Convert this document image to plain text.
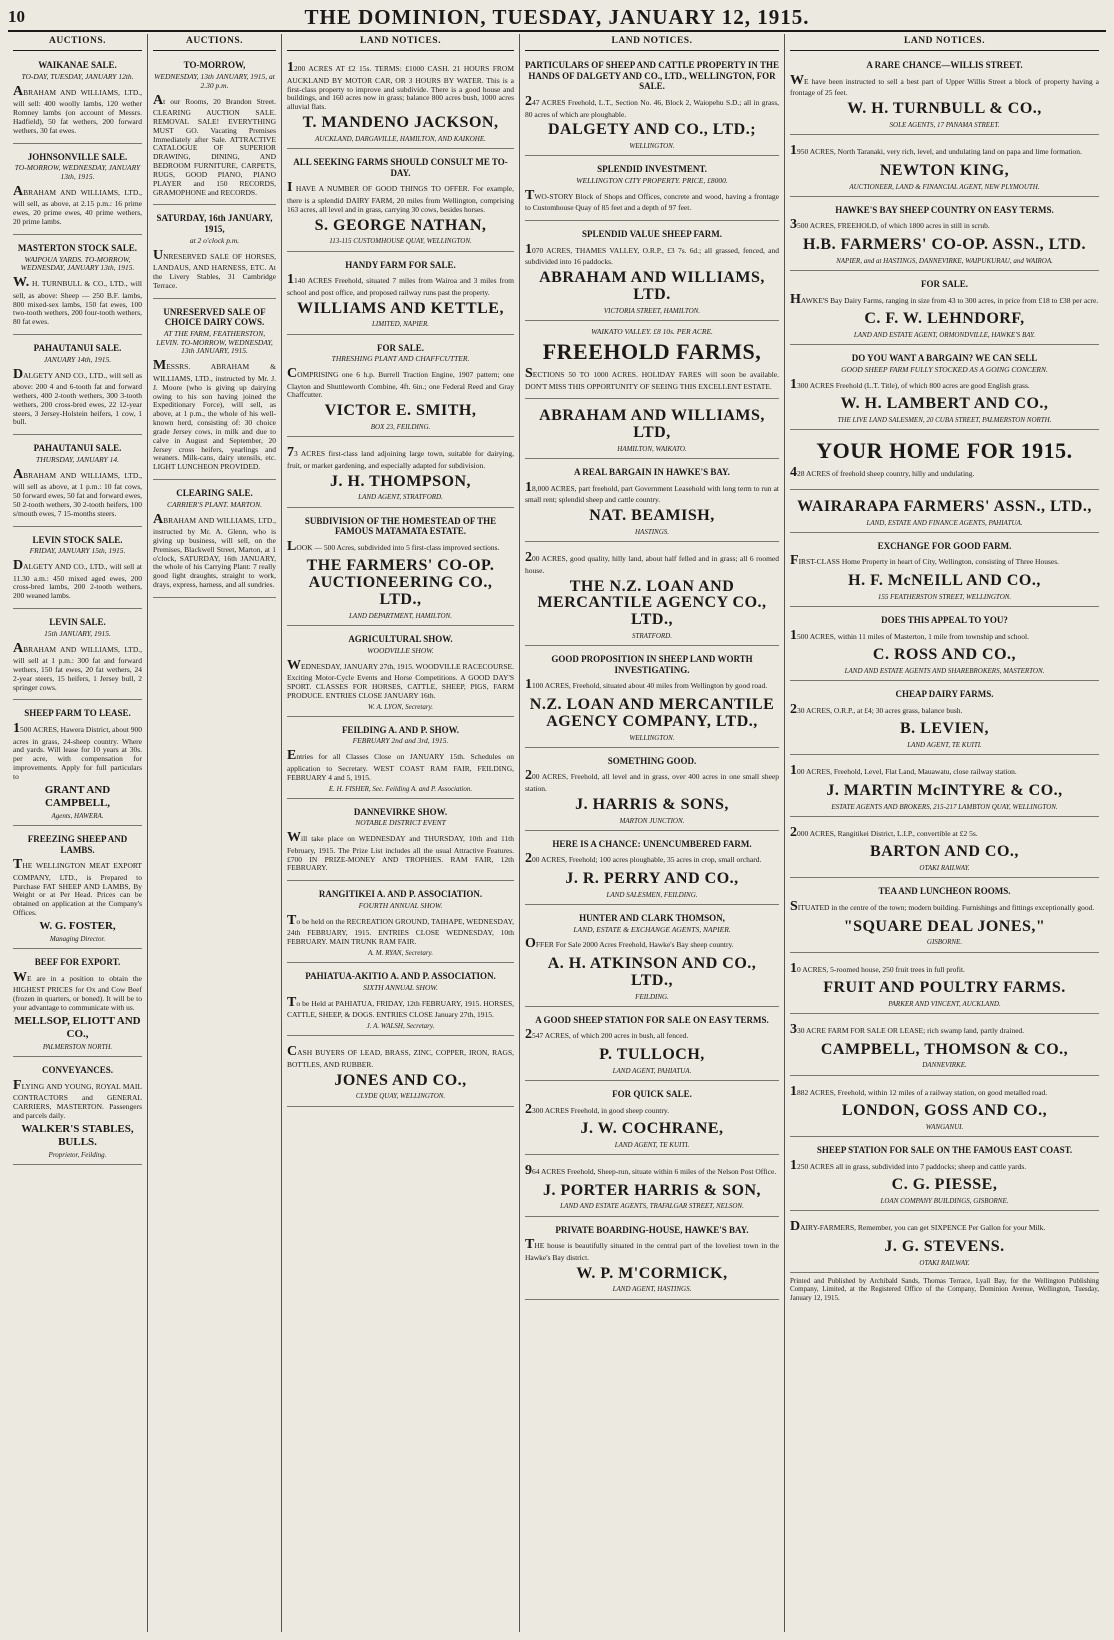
10	THE DOMINION, TUESDAY, JANUARY 12, 1915.
AUCTIONS.
WAIKANAE SALE.
TO-DAY, TUESDAY, JANUARY 12th.
ABRAHAM AND WILLIAMS, LTD., will sell: 400 woolly lambs, 120 wether Romney lambs (on account of Messrs. Hadfield), 50 fat wethers, 200 forward wethers, 30 fat ewes.
JOHNSONVILLE SALE.
TO-MORROW, WEDNESDAY, JANUARY 13th, 1915.
ABRAHAM AND WILLIAMS, LTD., will sell, as above, at 2.15 p.m.: 16 prime ewes, 20 prime ewes, 40 prime wethers, 20 prime lambs.
MASTERTON STOCK SALE.
WAIPOUA YARDS. TO-MORROW, WEDNESDAY, JANUARY 13th, 1915.
W. H. TURNBULL & CO., LTD., will sell, as above: Sheep — 250 B.F. lambs, 800 mixed-sex lambs, 150 fat ewes, 100 two-tooth wethers, 200 four-tooth wethers, 80 fat ewes.
PAHAUTANUI SALE.
JANUARY 14th, 1915.
DALGETY AND CO., LTD., will sell as above: 200 4 and 6-tooth fat and forward wethers, 400 2-tooth wethers, 300 3-tooth wethers, 200 cross-bred ewes, 22 12-year steers, 3 Jersey-Holstein heifers, 1 cow, 1 bull.
PAHAUTANUI SALE.
THURSDAY, JANUARY 14.
ABRAHAM AND WILLIAMS, LTD., will sell as above, at 1 p.m.: 10 fat cows, 50 forward ewes, 50 fat and forward ewes, 50 2-tooth wethers, 30 2-tooth heifers, 100 s/mouth ewes, 7 15-months steers.
LEVIN STOCK SALE.
FRIDAY, JANUARY 15th, 1915.
DALGETY AND CO., LTD., will sell at 11.30 a.m.: 450 mixed aged ewes, 200 cross-bred lambs, 200 2-tooth wethers, 200 weaned lambs.
LEVIN SALE.
15th JANUARY, 1915.
ABRAHAM AND WILLIAMS, LTD., will sell at 1 p.m.: 300 fat and forward wethers, 150 fat ewes, 20 fat wethers, 24 2-year steers, 15 heifers, 1 Jersey bull, 2 springer cows.
SHEEP FARM TO LEASE.
1500 ACRES, Hawera District, about 900 acres in grass, 24-sheep country. Where and yards. Will lease for 10 years at 30s. per acre, with compensation for improvements. Apply for full particulars to
GRANT AND CAMPBELL,
Agents, HAWERA.
FREEZING SHEEP AND LAMBS.
THE WELLINGTON MEAT EXPORT COMPANY, LTD., is Prepared to Purchase FAT SHEEP AND LAMBS, By Weight or at Per Head. Prices can be obtained on application at the Company's Offices.
W. G. FOSTER,
Managing Director.
BEEF FOR EXPORT.
WE are in a position to obtain the HIGHEST PRICES for Ox and Cow Beef (frozen in quarters, or boned). It will be to your advantage to communicate with us.
MELLSOP, ELIOTT AND CO.,
PALMERSTON NORTH.
CONVEYANCES.
FLYING AND YOUNG, ROYAL MAIL CONTRACTORS and GENERAL CARRIERS, MASTERTON. Passengers and parcels daily.
WALKER'S STABLES, BULLS.
Proprietor, Feilding.
AUCTIONS.
TO-MORROW,
WEDNESDAY, 13th JANUARY, 1915, at 2.30 p.m.
At our Rooms, 20 Brandon Street. CLEARING AUCTION SALE. REMOVAL SALE! EVERYTHING MUST GO. Vacating Premises Immediately after Sale. ATTRACTIVE CATALOGUE OF SUPERIOR DRAWING, DINING, AND BEDROOM FURNITURE, CARPETS, RUGS, GOOD PIANO, PIANO PLAYER and 150 RECORDS, GRAMOPHONE and RECORDS.
SATURDAY, 16th JANUARY, 1915,
at 2 o'clock p.m.
UNRESERVED SALE OF HORSES, LANDAUS, AND HARNESS, ETC. At the Livery Stables, 31 Cambridge Terrace.
UNRESERVED SALE OF CHOICE DAIRY COWS.
AT THE FARM, FEATHERSTON, LEVIN. TO-MORROW, WEDNESDAY, 13th JANUARY, 1915.
MESSRS. ABRAHAM & WILLIAMS, LTD., instructed by Mr. J. J. Moore (who is giving up dairying owing to his son having joined the Expeditionary Force), will sell, as above, at 1 p.m., the whole of his well-known herd, consisting of: 30 choice grade Jersey cows, in milk and due to calve in August and September, 20 Jersey cross heifers, yearlings and weaners. Milk-cans, dairy utensils, etc. LIGHT LUNCHEON PROVIDED.
CLEARING SALE.
CARRIER'S PLANT. MARTON.
ABRAHAM AND WILLIAMS, LTD., instructed by Mr. A. Glenn, who is giving up business, will sell, on the Premises, Blackwell Street, Marton, at 1 o'clock, SATURDAY, 16th JANUARY, the whole of his Carrying Plant: 7 really good light draughts, straight to work, drays, express, harness, and all sundries.
LAND NOTICES.
1200 ACRES AT £2 15s. TERMS: £1000 CASH. 21 HOURS FROM AUCKLAND BY MOTOR CAR, OR 3 HOURS BY WATER. This is a first-class property to improve and subdivide. There is a good house and buildings, and 160 acres now in grass; balance 800 acres bush, 1000 acres alluvial flats.
T. MANDENO JACKSON,
AUCKLAND, DARGAVILLE, HAMILTON, AND KAIKOHE.
ALL SEEKING FARMS SHOULD CONSULT ME TO-DAY.
I HAVE A NUMBER OF GOOD THINGS TO OFFER. For example, there is a splendid DAIRY FARM, 20 miles from Wellington, comprising 163 acres, all level and in grass, carrying 30 cows, besides horses.
S. GEORGE NATHAN,
113-115 CUSTOMHOUSE QUAY, WELLINGTON.
HANDY FARM FOR SALE.
1140 ACRES Freehold, situated 7 miles from Wairoa and 3 miles from school and post office, and proposed railway runs past the property.
WILLIAMS AND KETTLE,
LIMITED, NAPIER.
FOR SALE.
THRESHING PLANT AND CHAFFCUTTER.
COMPRISING one 6 h.p. Burrell Traction Engine, 1907 pattern; one Clayton and Shuttleworth Combine, 4ft. 6in.; one Federal Reed and Gray Chaffcutter.
VICTOR E. SMITH,
BOX 23, FEILDING.
73 ACRES first-class land adjoining large town, suitable for dairying, fruit, or market gardening, and especially adapted for subdivision.
J. H. THOMPSON,
LAND AGENT, STRATFORD.
SUBDIVISION OF THE HOMESTEAD OF THE FAMOUS MATAMATA ESTATE.
LOOK — 500 Acres, subdivided into 5 first-class improved sections.
THE FARMERS' CO-OP. AUCTIONEERING CO., LTD.,
LAND DEPARTMENT, HAMILTON.
AGRICULTURAL SHOW.
WOODVILLE SHOW.
WEDNESDAY, JANUARY 27th, 1915. WOODVILLE RACECOURSE. Exciting Motor-Cycle Events and Horse Competitions. A GOOD DAY'S SPORT. CLASSES FOR HORSES, CATTLE, SHEEP, PIGS, FARM PRODUCE. ENTRIES CLOSE JANUARY 16th.
W. A. LYON, Secretary.
FEILDING A. AND P. SHOW.
FEBRUARY 2nd and 3rd, 1915.
Entries for all Classes Close on JANUARY 15th. Schedules on application to Secretary. WEST COAST RAM FAIR, FEILDING, FEBRUARY 4 and 5, 1915.
E. H. FISHER, Sec. Feilding A. and P. Association.
DANNEVIRKE SHOW.
NOTABLE DISTRICT EVENT
Will take place on WEDNESDAY and THURSDAY, 10th and 11th February, 1915. The Prize List includes all the usual Attractive Features. £700 IN PRIZE-MONEY AND TROPHIES. RAM FAIR, 12th FEBRUARY.
RANGITIKEI A. AND P. ASSOCIATION.
FOURTH ANNUAL SHOW.
To be held on the RECREATION GROUND, TAIHAPE, WEDNESDAY, 24th FEBRUARY, 1915. ENTRIES CLOSE WEDNESDAY, 10th FEBRUARY. MAIN TRUNK RAM FAIR.
A. M. RYAN, Secretary.
PAHIATUA-AKITIO A. AND P. ASSOCIATION.
SIXTH ANNUAL SHOW.
To be Held at PAHIATUA, FRIDAY, 12th FEBRUARY, 1915. HORSES, CATTLE, SHEEP, & DOGS. ENTRIES CLOSE January 27th, 1915.
J. A. WALSH, Secretary.
CASH BUYERS OF LEAD, BRASS, ZINC, COPPER, IRON, RAGS, BOTTLES, AND RUBBER.
JONES AND CO.,
CLYDE QUAY, WELLINGTON.
LAND NOTICES.
PARTICULARS OF SHEEP AND CATTLE PROPERTY IN THE HANDS OF DALGETY AND CO., LTD., WELLINGTON, FOR SALE.
247 ACRES Freehold, L.T., Section No. 46, Block 2, Waiopehu S.D.; all in grass, 80 acres of which are ploughable.
DALGETY AND CO., LTD.;
WELLINGTON.
SPLENDID INVESTMENT.
WELLINGTON CITY PROPERTY. PRICE, £8000.
TWO-STORY Block of Shops and Offices, concrete and wood, having a frontage to Customhouse Quay of 85 feet and a depth of 97 feet.
SPLENDID VALUE SHEEP FARM.
1070 ACRES, THAMES VALLEY, O.R.P., £3 7s. 6d.; all grassed, fenced, and subdivided into 16 paddocks.
ABRAHAM AND WILLIAMS, LTD.
VICTORIA STREET, HAMILTON.
WAIKATO VALLEY. £8 10s. PER ACRE.
FREEHOLD FARMS,
SECTIONS 50 TO 1000 ACRES. HOLIDAY FARES will soon be available. DON'T MISS THIS OPPORTUNITY OF SEEING THIS EXCELLENT ESTATE.
ABRAHAM AND WILLIAMS, LTD,
HAMILTON, WAIKATO.
A REAL BARGAIN IN HAWKE'S BAY.
18,000 ACRES, part freehold, part Government Leasehold with long term to run at small rent; splendid sheep and cattle country.
NAT. BEAMISH,
HASTINGS.
200 ACRES, good quality, hilly land, about half felled and in grass; all 6 roomed house.
THE N.Z. LOAN AND MERCANTILE AGENCY CO., LTD.,
STRATFORD.
GOOD PROPOSITION IN SHEEP LAND WORTH INVESTIGATING.
1100 ACRES, Freehold, situated about 40 miles from Wellington by good road.
N.Z. LOAN AND MERCANTILE AGENCY COMPANY, LTD.,
WELLINGTON.
SOMETHING GOOD.
200 ACRES, Freehold, all level and in grass, over 400 acres in one small sheep station.
J. HARRIS & SONS,
MARTON JUNCTION.
HERE IS A CHANCE: UNENCUMBERED FARM.
200 ACRES, Freehold; 100 acres ploughable, 35 acres in crop, small orchard.
J. R. PERRY AND CO.,
LAND SALESMEN, FEILDING.
HUNTER AND CLARK THOMSON,
LAND, ESTATE & EXCHANGE AGENTS, NAPIER.
OFFER For Sale 2000 Acres Freehold, Hawke's Bay sheep country.
A. H. ATKINSON AND CO., LTD.,
FEILDING.
A GOOD SHEEP STATION FOR SALE ON EASY TERMS.
2547 ACRES, of which 200 acres in bush, all fenced.
P. TULLOCH,
LAND AGENT, PAHIATUA.
FOR QUICK SALE.
2300 ACRES Freehold, in good sheep country.
J. W. COCHRANE,
LAND AGENT, TE KUITI.
964 ACRES Freehold, Sheep-run, situate within 6 miles of the Nelson Post Office.
J. PORTER HARRIS & SON,
LAND AND ESTATE AGENTS, TRAFALGAR STREET, NELSON.
PRIVATE BOARDING-HOUSE, HAWKE'S BAY.
THE house is beautifully situated in the central part of the loveliest town in the Hawke's Bay district.
W. P. M'CORMICK,
LAND AGENT, HASTINGS.
LAND NOTICES.
A RARE CHANCE—WILLIS STREET.
WE have been instructed to sell a best part of Upper Willis Street a block of property having a frontage of 25 feet.
W. H. TURNBULL & CO.,
SOLE AGENTS, 17 PANAMA STREET.
1950 ACRES, North Taranaki, very rich, level, and undulating land on papa and lime formation.
NEWTON KING,
AUCTIONEER, LAND & FINANCIAL AGENT, NEW PLYMOUTH.
HAWKE'S BAY SHEEP COUNTRY ON EASY TERMS.
3500 ACRES, FREEHOLD, of which 1800 acres in still in scrub.
H.B. FARMERS' CO-OP. ASSN., LTD.
NAPIER, and at HASTINGS, DANNEVIRKE, WAIPUKURAU, and WAIROA.
FOR SALE.
HAWKE'S Bay Dairy Farms, ranging in size from 43 to 300 acres, in price from £18 to £38 per acre.
C. F. W. LEHNDORF,
LAND AND ESTATE AGENT, ORMONDVILLE, HAWKE'S BAY.
DO YOU WANT A BARGAIN? WE CAN SELL
GOOD SHEEP FARM FULLY STOCKED AS A GOING CONCERN.
1300 ACRES Freehold (L.T. Title), of which 800 acres are good English grass.
W. H. LAMBERT AND CO.,
THE LIVE LAND SALESMEN, 20 CUBA STREET, PALMERSTON NORTH.
YOUR HOME FOR 1915.
428 ACRES of freehold sheep country, hilly and undulating.
WAIRARAPA FARMERS' ASSN., LTD.,
LAND, ESTATE AND FINANCE AGENTS, PAHIATUA.
EXCHANGE FOR GOOD FARM.
FIRST-CLASS Home Property in heart of City, Wellington, consisting of Three Houses.
H. F. McNEILL AND CO.,
155 FEATHERSTON STREET, WELLINGTON.
DOES THIS APPEAL TO YOU?
1500 ACRES, within 11 miles of Masterton, 1 mile from township and school.
C. ROSS AND CO.,
LAND AND ESTATE AGENTS AND SHAREBROKERS, MASTERTON.
CHEAP DAIRY FARMS.
230 ACRES, O.R.P., at £4; 30 acres grass, balance bush.
B. LEVIEN,
LAND AGENT, TE KUITI.
100 ACRES, Freehold, Level, Flat Land, Mauawatu, close railway station.
J. MARTIN McINTYRE & CO.,
ESTATE AGENTS AND BROKERS, 215-217 LAMBTON QUAY, WELLINGTON.
2000 ACRES, Rangitikei District, L.I.P., convertible at £2 5s.
BARTON AND CO.,
OTAKI RAILWAY.
TEA AND LUNCHEON ROOMS.
SITUATED in the centre of the town; modern building. Furnishings and fittings exceptionally good.
"SQUARE DEAL JONES,"
GISBORNE.
10 ACRES, 5-roomed house, 250 fruit trees in full profit.
FRUIT AND POULTRY FARMS.
PARKER AND VINCENT, AUCKLAND.
330 ACRE FARM FOR SALE OR LEASE; rich swamp land, partly drained.
CAMPBELL, THOMSON & CO.,
DANNEVIRKE.
1882 ACRES, Freehold, within 12 miles of a railway station, on good metalled road.
LONDON, GOSS AND CO.,
WANGANUI.
SHEEP STATION FOR SALE ON THE FAMOUS EAST COAST.
1250 ACRES all in grass, subdivided into 7 paddocks; sheep and cattle yards.
C. G. PIESSE,
LOAN COMPANY BUILDINGS, GISBORNE.
DAIRY-FARMERS, Remember, you can get SIXPENCE Per Gallon for your Milk.
J. G. STEVENS.
OTAKI RAILWAY.
Printed and Published by Archibald Sands, Thomas Terrace, Lyall Bay, for the Wellington Publishing Company, Limited, at the Registered Office of the Company, Dominion Avenue, Wellington, Tuesday, January 12, 1915.
